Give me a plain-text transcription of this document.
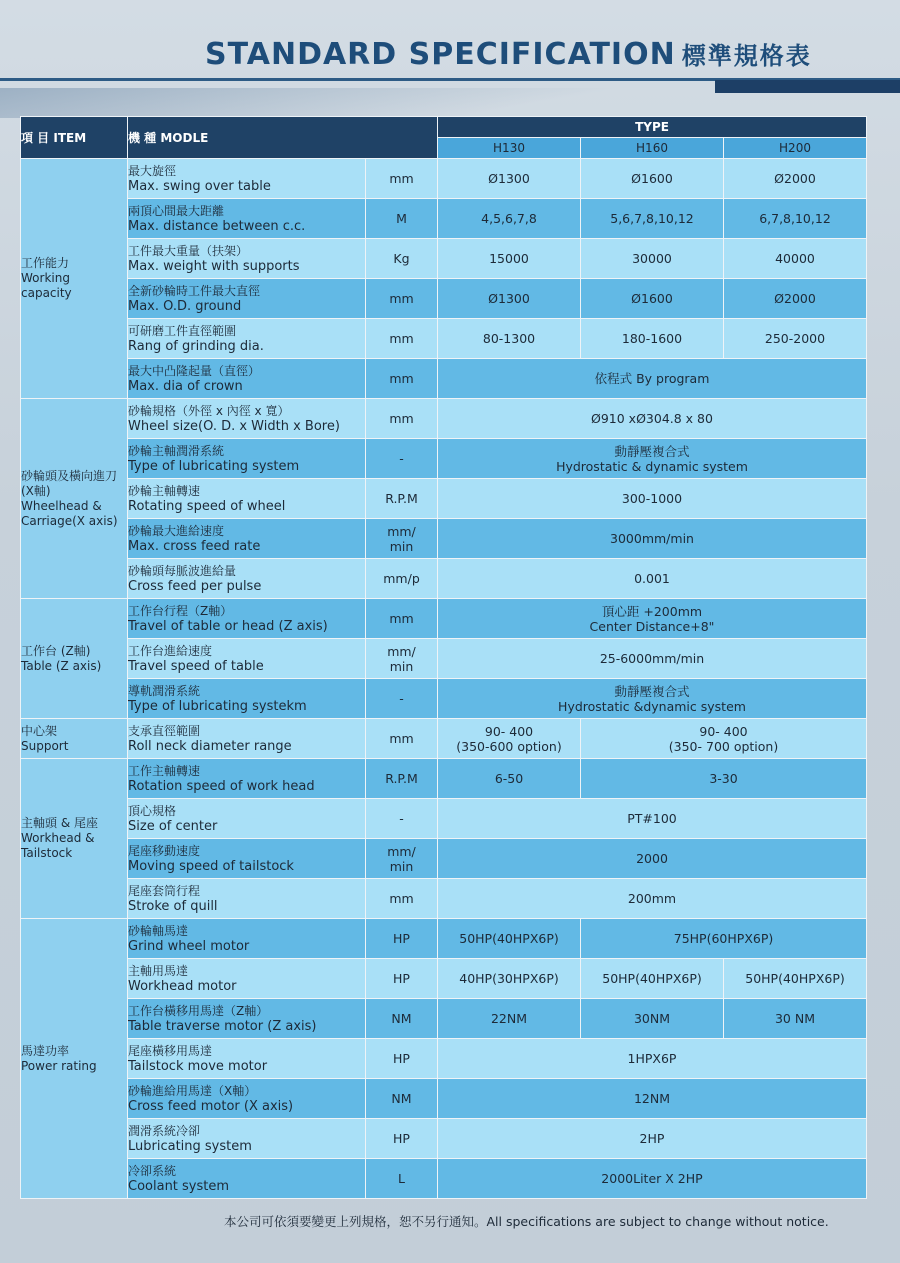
STANDARD SPECIFICATION 標準規格表
項 目 ITEM	機 種 MODLE		TYPE		
			H130	H160	H200
工作能力
Working
capacity	最大旋徑
Max. swing over table	mm	Ø1300	Ø1600	Ø2000

	兩頂心間最大距離
Max. distance between c.c.	M	4,5,6,7,8	5,6,7,8,10,12	6,7,8,10,12

	工件最大重量（扶架）
Max. weight with supports	Kg	15000	30000	40000

	全新砂輪時工件最大直徑
Max. O.D. ground	mm	Ø1300	Ø1600	Ø2000

	可研磨工件直徑範圍
Rang of grinding dia.	mm	80-1300	180-1600	250-2000

	最大中凸隆起量（直徑）
Max. dia of crown	mm	依程式 By program		
砂輪頭及橫向進刀
(X軸)
Wheelhead &
Carriage(X axis)	砂輪規格（外徑 x 內徑 x 寬）
Wheel size(O. D. x Width x Bore)	mm	Ø910 xØ304.8 x 80		

	砂輪主軸潤滑系統
Type of lubricating system	-	動靜壓複合式
Hydrostatic & dynamic system		

	砂輪主軸轉速
Rotating speed of wheel	R.P.M	300-1000		

	砂輪最大進給速度
Max. cross feed rate	mm/
min	3000mm/min		

	砂輪頭每脈波進給量
Cross feed per pulse	mm/p	0.001		
工作台 (Z軸)
Table (Z axis)	工作台行程（Z軸）
Travel of table or head (Z axis)	mm	頂心距 +200mm
Center Distance+8"		

	工作台進給速度
Travel speed of table	mm/
min	25-6000mm/min		

	導軌潤滑系統
Type of lubricating systekm	-	動靜壓複合式
Hydrostatic &dynamic system		
中心架
Support	支承直徑範圍
Roll neck diameter range	mm	90- 400
(350-600 option)	90- 400
(350- 700 option)	
主軸頭 & 尾座
Workhead &
Tailstock	工作主軸轉速
Rotation speed of work head	R.P.M	6-50	3-30	

	頂心規格
Size of center	-	PT#100		

	尾座移動速度
Moving speed of tailstock	mm/
min	2000		

	尾座套筒行程
Stroke of quill	mm	200mm		
馬達功率
Power rating	砂輪軸馬達
Grind wheel motor	HP	50HP(40HPX6P)	75HP(60HPX6P)	

	主軸用馬達
Workhead motor	HP	40HP(30HPX6P)	50HP(40HPX6P)	50HP(40HPX6P)

	工作台橫移用馬達（Z軸）
Table traverse motor (Z axis)	NM	22NM	30NM	30 NM

	尾座橫移用馬達
Tailstock move motor	HP	1HPX6P		

	砂輪進給用馬達（X軸）
Cross feed motor (X axis)	NM	12NM		

	潤滑系統冷卻
Lubricating system	HP	2HP		

	冷卻系統
Coolant system	L	2000Liter X 2HP		
本公司可依須要變更上列規格，恕不另行通知。All specifications are subject to change without notice.
